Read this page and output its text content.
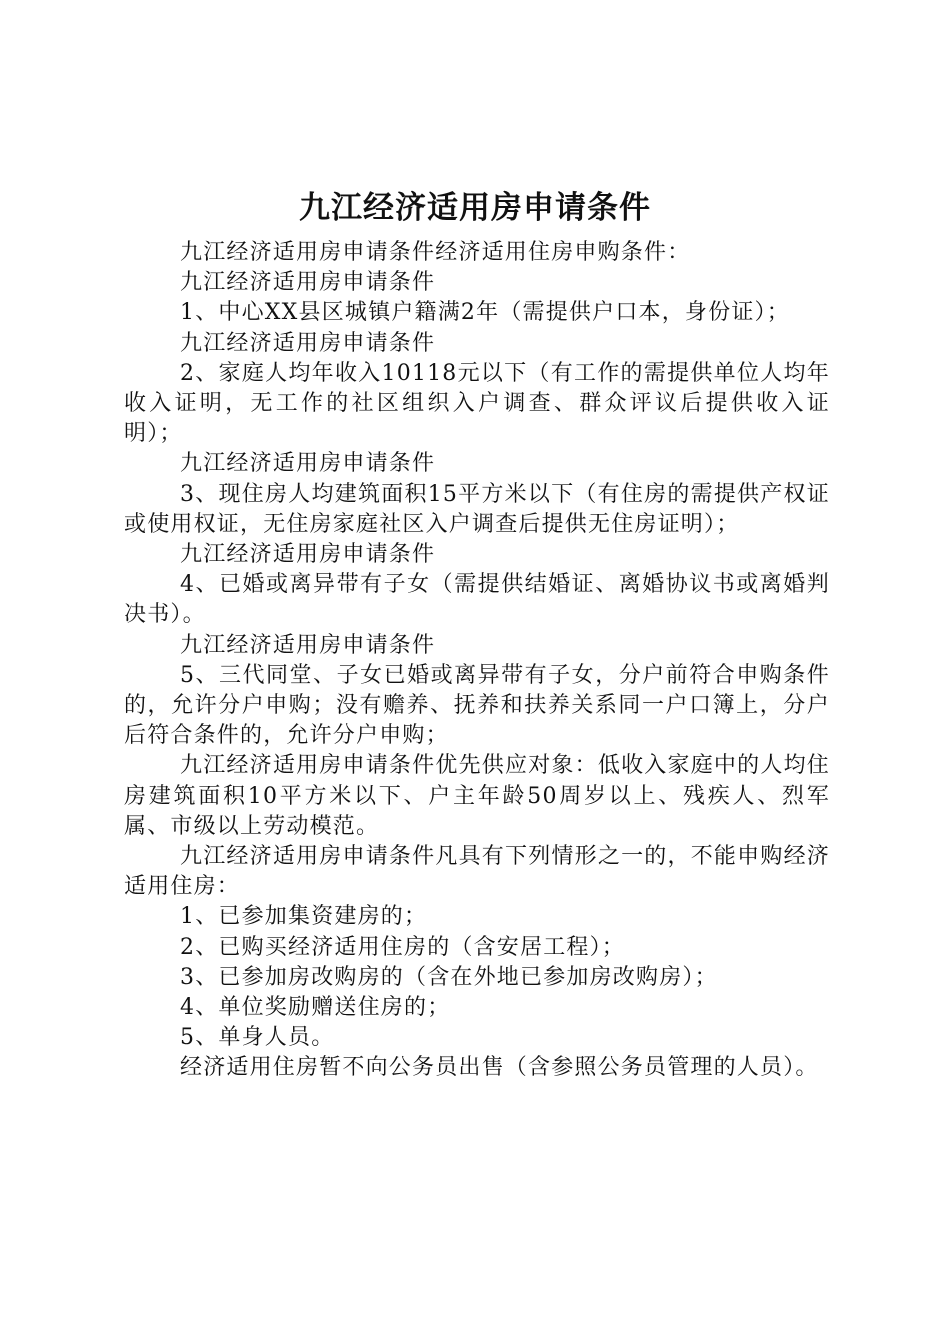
九江经济适用房申请条件

九江经济适用房申请条件经济适用住房申购条件：

九江经济适用房申请条件

1、中心XX县区城镇户籍满2年（需提供户口本，身份证）；

九江经济适用房申请条件

2、家庭人均年收入10118元以下（有工作的需提供单位人均年收入证明，无工作的社区组织入户调查、群众评议后提供收入证明）；

九江经济适用房申请条件

3、现住房人均建筑面积15平方米以下（有住房的需提供产权证或使用权证，无住房家庭社区入户调查后提供无住房证明）；

九江经济适用房申请条件

4、已婚或离异带有子女（需提供结婚证、离婚协议书或离婚判决书）。

九江经济适用房申请条件

5、三代同堂、子女已婚或离异带有子女，分户前符合申购条件的，允许分户申购；没有赡养、抚养和扶养关系同一户口簿上，分户后符合条件的，允许分户申购；

九江经济适用房申请条件优先供应对象：低收入家庭中的人均住房建筑面积10平方米以下、户主年龄50周岁以上、残疾人、烈军属、市级以上劳动模范。

九江经济适用房申请条件凡具有下列情形之一的，不能申购经济适用住房：

1、已参加集资建房的；

2、已购买经济适用住房的（含安居工程）；

3、已参加房改购房的（含在外地已参加房改购房）；

4、单位奖励赠送住房的；

5、单身人员。

经济适用住房暂不向公务员出售（含参照公务员管理的人员）。
